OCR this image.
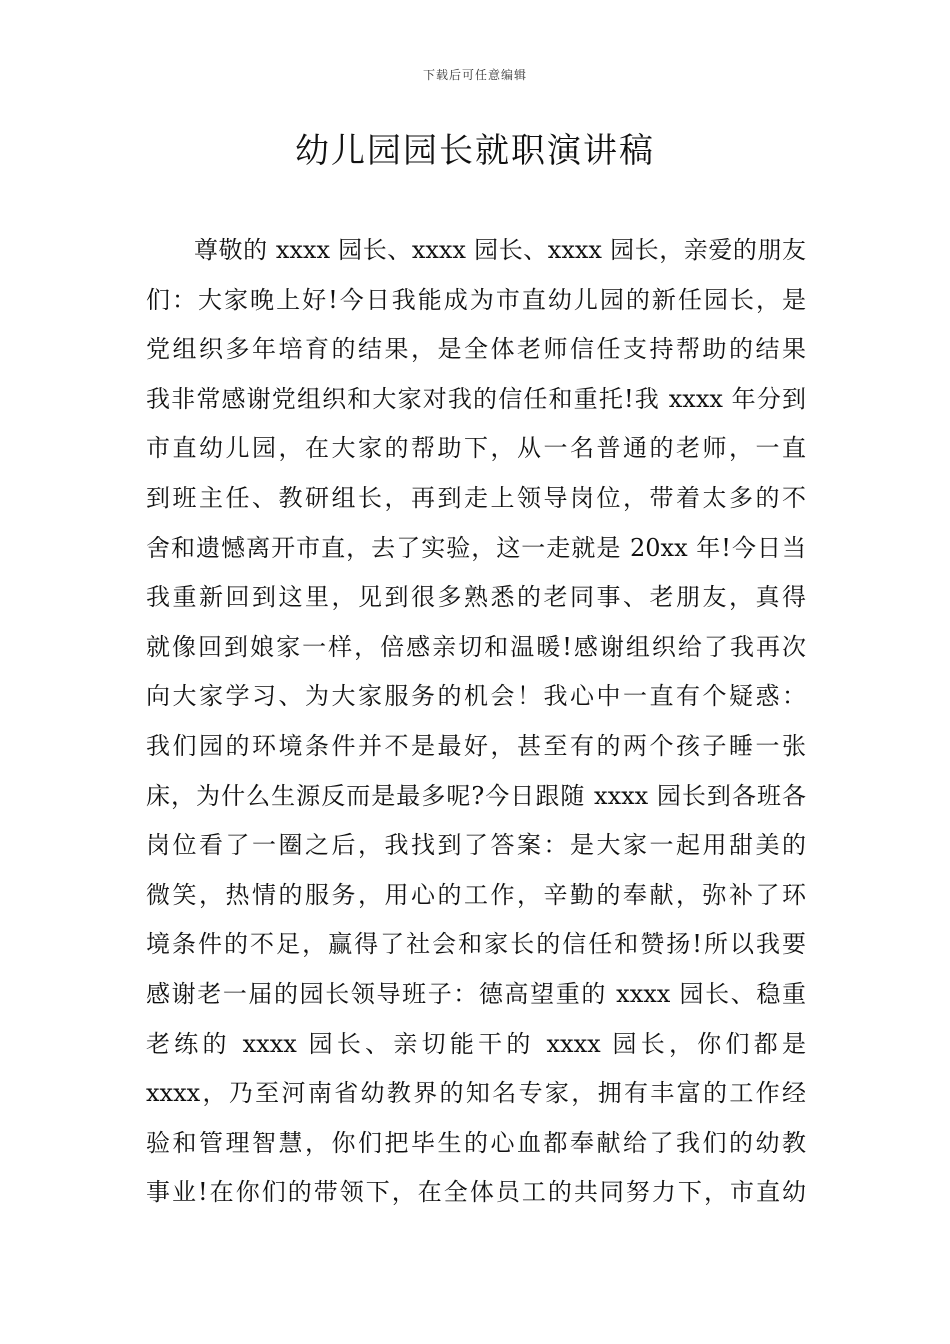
下载后可任意编辑
幼儿园园长就职演讲稿
尊敬的 xxxx 园长、xxxx 园长、xxxx 园长，亲爱的朋友
们：大家晚上好!今日我能成为市直幼儿园的新任园长，是
党组织多年培育的结果，是全体老师信任支持帮助的结果
我非常感谢党组织和大家对我的信任和重托!我 xxxx 年分到
市直幼儿园，在大家的帮助下，从一名普通的老师，一直
到班主任、教研组长，再到走上领导岗位，带着太多的不
舍和遗憾离开市直，去了实验，这一走就是 20xx 年!今日当
我重新回到这里，见到很多熟悉的老同事、老朋友，真得
就像回到娘家一样，倍感亲切和温暖!感谢组织给了我再次
向大家学习、为大家服务的机会！我心中一直有个疑惑：
我们园的环境条件并不是最好，甚至有的两个孩子睡一张
床，为什么生源反而是最多呢?今日跟随 xxxx 园长到各班各
岗位看了一圈之后，我找到了答案：是大家一起用甜美的
微笑，热情的服务，用心的工作，辛勤的奉献，弥补了环
境条件的不足，赢得了社会和家长的信任和赞扬!所以我要
感谢老一届的园长领导班子：德高望重的 xxxx 园长、稳重
老练的 xxxx 园长、亲切能干的 xxxx 园长，你们都是
xxxx，乃至河南省幼教界的知名专家，拥有丰富的工作经
验和管理智慧，你们把毕生的心血都奉献给了我们的幼教
事业!在你们的带领下，在全体员工的共同努力下，市直幼
